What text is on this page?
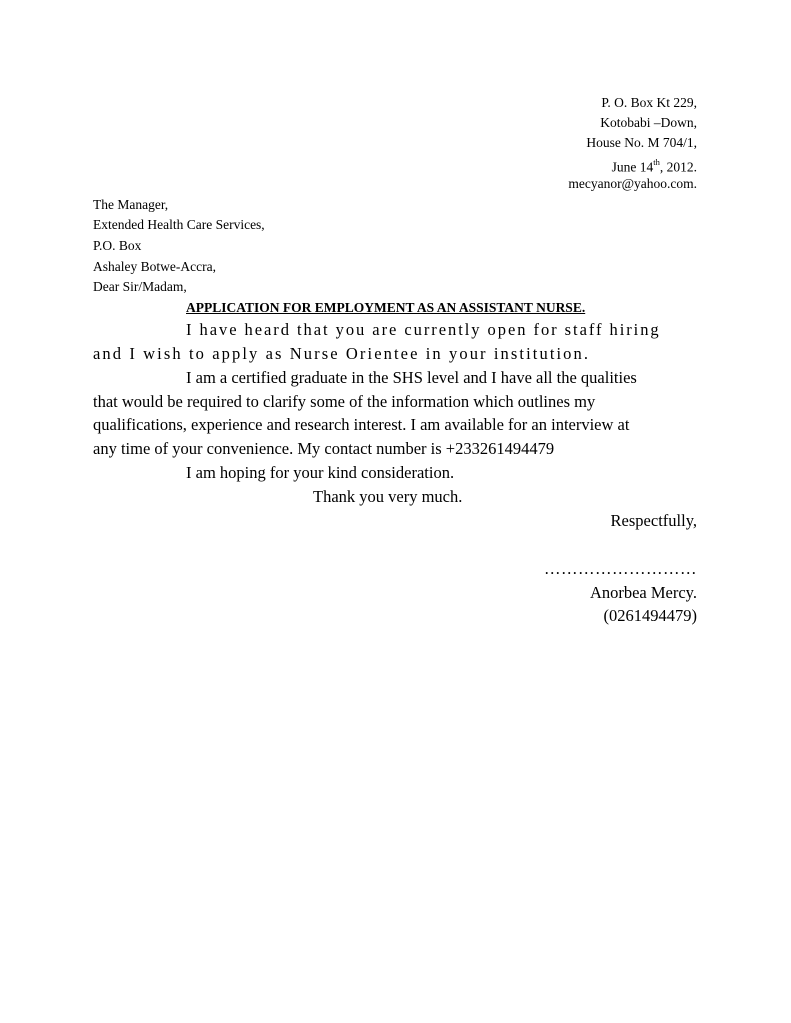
P. O. Box Kt 229,
Kotobabi –Down,
House No. M 704/1,
June 14th, 2012.
mecyanor@yahoo.com.
The Manager,
Extended Health Care Services,
P.O. Box
Ashaley Botwe-Accra,
Dear Sir/Madam,
APPLICATION FOR EMPLOYMENT AS AN ASSISTANT NURSE.
I have heard that you are currently open for staff hiring
and I wish to apply as Nurse Orientee in your institution.
I am a certified graduate in the SHS level and I have all the qualities
that would be required to clarify some of the information which outlines my
qualifications, experience and research interest. I am available for an interview at
any time of your convenience. My contact number is +233261494479
I am hoping for your kind consideration.
Thank you very much.
Respectfully,
………………………
Anorbea Mercy.
(0261494479)
